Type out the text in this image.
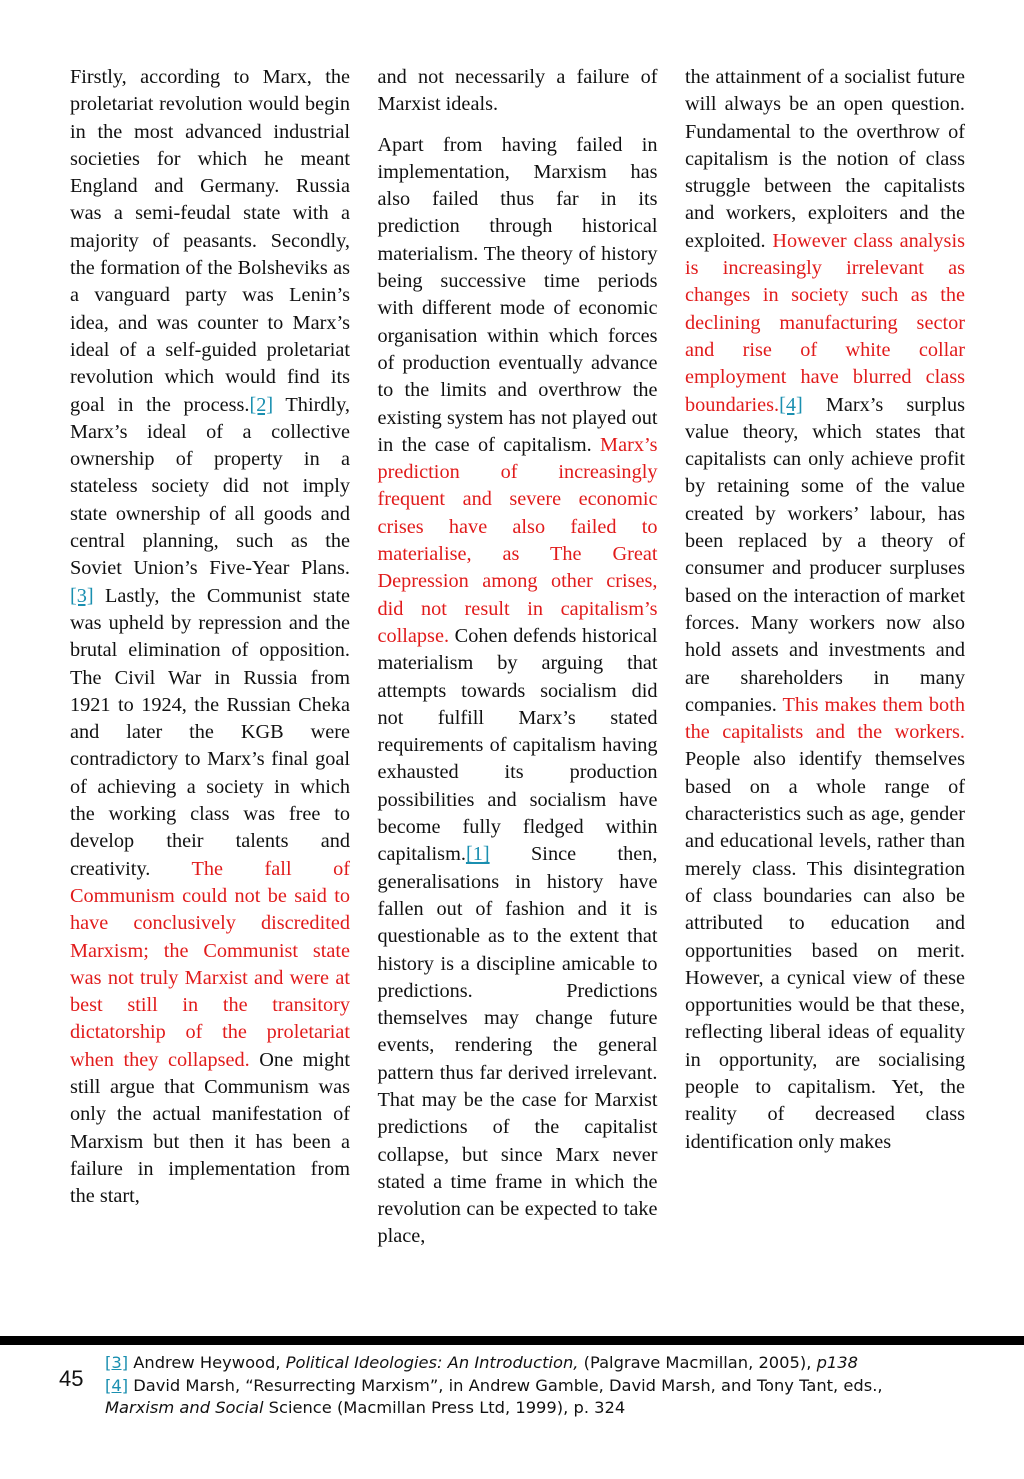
Firstly, according to Marx, the proletariat revolution would begin in the most advanced industrial societies for which he meant England and Germany. Russia was a semi-feudal state with a majority of peasants. Secondly, the formation of the Bolsheviks as a vanguard party was Lenin’s idea, and was counter to Marx’s ideal of a self-guided proletariat revolution which would find its goal in the process.[2] Thirdly, Marx’s ideal of a collective ownership of property in a stateless society did not imply state ownership of all goods and central planning, such as the Soviet Union’s Five-Year Plans.[3] Lastly, the Communist state was upheld by repression and the brutal elimination of opposition. The Civil War in Russia from 1921 to 1924, the Russian Cheka and later the KGB were contradictory to Marx’s final goal of achieving a society in which the working class was free to develop their talents and creativity. The fall of Communism could not be said to have conclusively discredited Marxism; the Communist state was not truly Marxist and were at best still in the transitory dictatorship of the proletariat when they collapsed. One might still argue that Communism was only the actual manifestation of Marxism but then it has been a failure in implementation from the start,

and not necessarily a failure of Marxist ideals.

Apart from having failed in implementation, Marxism has also failed thus far in its prediction through historical materialism. The theory of history being successive time periods with different mode of economic organisation within which forces of production eventually advance to the limits and overthrow the existing system has not played out in the case of capitalism. Marx’s prediction of increasingly frequent and severe economic crises have also failed to materialise, as The Great Depression among other crises, did not result in capitalism’s collapse. Cohen defends historical materialism by arguing that attempts towards socialism did not fulfill Marx’s stated requirements of capitalism having exhausted its production possibilities and socialism have become fully fledged within capitalism.[1] Since then, generalisations in history have fallen out of fashion and it is questionable as to the extent that history is a discipline amicable to predictions. Predictions themselves may change future events, rendering the general pattern thus far derived irrelevant. That may be the case for Marxist predictions of the capitalist collapse, but since Marx never stated a time frame in which the revolution can be expected to take place,

the attainment of a socialist future will always be an open question. Fundamental to the overthrow of capitalism is the notion of class struggle between the capitalists and workers, exploiters and the exploited. However class analysis is increasingly irrelevant as changes in society such as the declining manufacturing sector and rise of white collar employment have blurred class boundaries.[4] Marx’s surplus value theory, which states that capitalists can only achieve profit by retaining some of the value created by workers’ labour, has been replaced by a theory of consumer and producer surpluses based on the interaction of market forces. Many workers now also hold assets and investments and are shareholders in many companies. This makes them both the capitalists and the workers. People also identify themselves based on a whole range of characteristics such as age, gender and educational levels, rather than merely class. This disintegration of class boundaries can also be attributed to education and opportunities based on merit. However, a cynical view of these opportunities would be that these, reflecting liberal ideas of equality in opportunity, are socialising people to capitalism. Yet, the reality of decreased class identification only makes

45

[3] Andrew Heywood, Political Ideologies: An Introduction, (Palgrave Macmillan, 2005), p138

[4] David Marsh, “Resurrecting Marxism”, in Andrew Gamble, David Marsh, and Tony Tant, eds., Marxism and Social Science (Macmillan Press Ltd, 1999), p. 324
